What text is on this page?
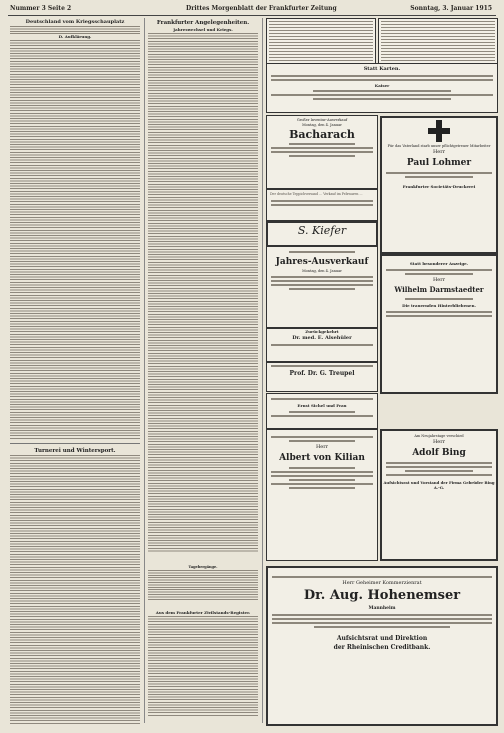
Nummer 3 Seite 2	Drittes Morgenblatt der Frankfurter Zeitung	Sonntag, 3. Januar 1915
Deutschland vom Kriegsschauplatz
D. Aufklärung.
Turnerei und Wintersport.
Frankfurter Angelegenheiten.
Jahreswechsel und Kriegs.
Tagebergänge.
Aus dem Frankfurter Zivilstands-Register.
Statt Karten.
Kaiser
Großer Inventur-Ausverkauf
Montag, den 4. Januar
Bacharach
Der deutsche Teppichversand ... Verkauf im Pelzwaren ...
S. Kiefer
Jahres-Ausverkauf
Montag, den 4. Januar
Zurückgekehrt
Dr. med. E. Alsehüler
Prof. Dr. G. Treupel
Ernst Sichel und Frau
Herr
Albert von Kilian
Für das Vaterland starb unser pflichtgetreuer Mitarbeiter
Herr
Paul Lohmer
Frankfurter Societäts-Druckerei
Statt besonderer Anzeige.
Herr
Wilhelm Darmstaedter
Die trauernden Hinterbliebenen.
Am Neujahrstage verschied
Herr
Adolf Bing
Aufsichtsrat und Vorstand der Firma Gebrüder Bing A.-G.
Herr Geheimer Kommerzienrat
Dr. Aug. Hohenemser
Mannheim
Aufsichtsrat und Direktion
der Rheinischen Creditbank.
